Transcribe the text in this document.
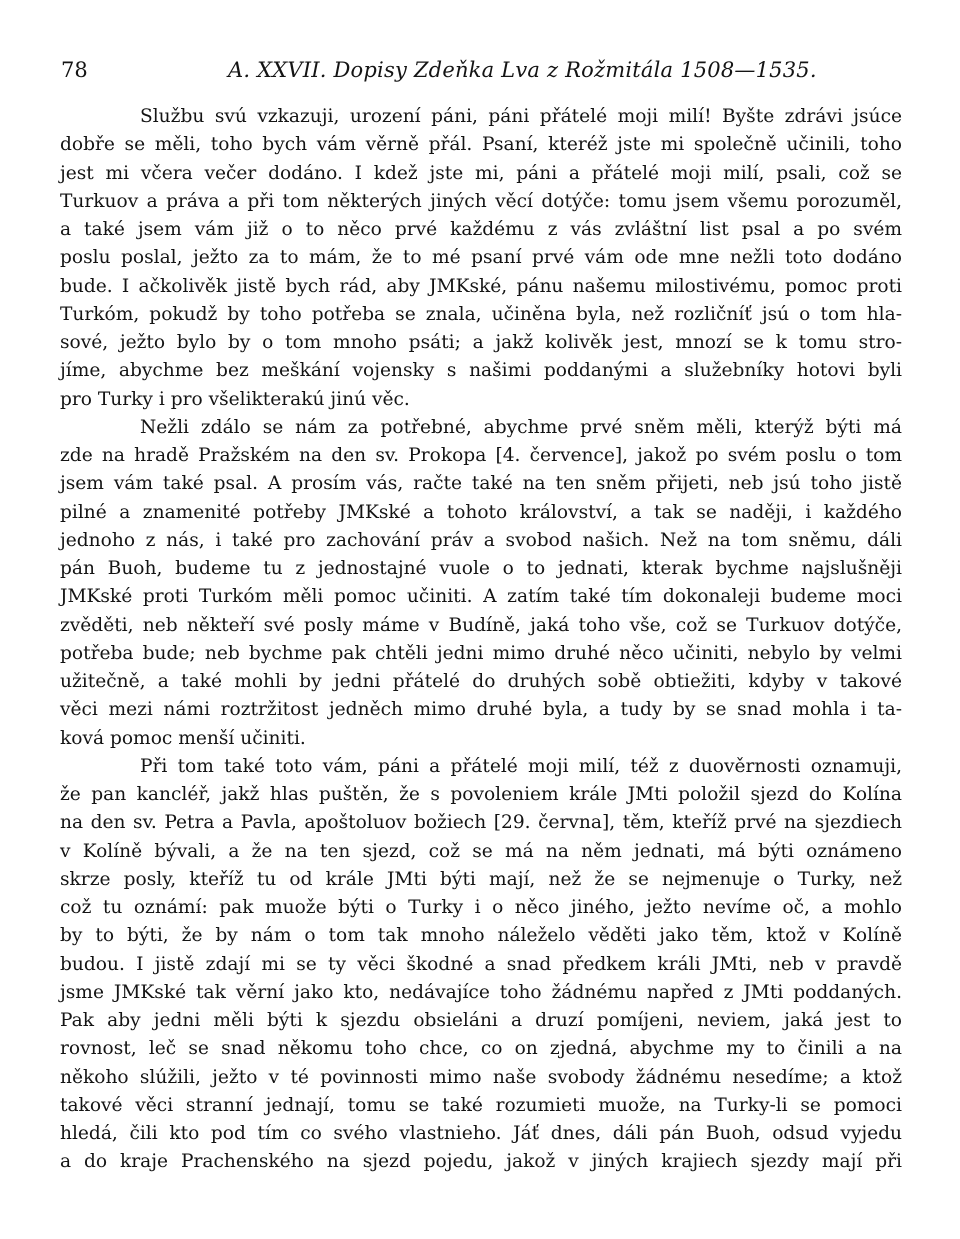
78	A. XXVII. Dopisy Zdeňka Lva z Rožmitála 1508—1535.
Službu svú vzkazuji, urození páni, páni přátelé moji milí! Byšte zdrávi jsúce
dobře se měli, toho bych vám věrně přál. Psaní, kteréž jste mi společně učinili, toho
jest mi včera večer dodáno. I kdež jste mi, páni a přátelé moji milí, psali, což se
Turkuov a práva a při tom některých jiných věcí dotýče: tomu jsem všemu porozuměl,
a také jsem vám již o to něco prvé každému z vás zvláštní list psal a po svém
poslu poslal, ježto za to mám, že to mé psaní prvé vám ode mne nežli toto dodáno
bude. I ačkolivěk jistě bych rád, aby JMKské, pánu našemu milostivému, pomoc proti
Turkóm, pokudž by toho potřeba se znala, učiněna byla, než rozličníť jsú o tom hla-
sové, ježto bylo by o tom mnoho psáti; a jakž kolivěk jest, mnozí se k tomu stro-
jíme, abychme bez meškání vojensky s našimi poddanými a služebníky hotovi byli
pro Turky i pro všelikterakú jinú věc.
Nežli zdálo se nám za potřebné, abychme prvé sněm měli, kterýž býti má
zde na hradě Pražském na den sv. Prokopa [4. července], jakož po svém poslu o tom
jsem vám také psal. A prosím vás, račte také na ten sněm přijeti, neb jsú toho jistě
pilné a znamenité potřeby JMKské a tohoto království, a tak se naději, i každého
jednoho z nás, i také pro zachování práv a svobod našich. Než na tom sněmu, dáli
pán Buoh, budeme tu z jednostajné vuole o to jednati, kterak bychme najslušněji
JMKské proti Turkóm měli pomoc učiniti. A zatím také tím dokonaleji budeme moci
zvěděti, neb někteří své posly máme v Budíně, jaká toho vše, což se Turkuov dotýče,
potřeba bude; neb bychme pak chtěli jedni mimo druhé něco učiniti, nebylo by velmi
užitečně, a také mohli by jedni přátelé do druhých sobě obtiežiti, kdyby v takové
věci mezi námi roztržitost jedněch mimo druhé byla, a tudy by se snad mohla i ta-
ková pomoc menší učiniti.
Při tom také toto vám, páni a přátelé moji milí, též z duověrnosti oznamuji,
že pan kancléř, jakž hlas puštěn, že s povoleniem krále JMti položil sjezd do Kolína
na den sv. Petra a Pavla, apoštoluov božiech [29. června], těm, kteříž prvé na sjezdiech
v Kolíně bývali, a že na ten sjezd, což se má na něm jednati, má býti oznámeno
skrze posly, kteříž tu od krále JMti býti mají, než že se nejmenuje o Turky, než
což tu oznámí: pak muože býti o Turky i o něco jiného, ježto nevíme oč, a mohlo
by to býti, že by nám o tom tak mnoho náleželo věděti jako těm, ktož v Kolíně
budou. I jistě zdají mi se ty věci škodné a snad předkem králi JMti, neb v pravdě
jsme JMKské tak věrní jako kto, nedávajíce toho žádnému napřed z JMti poddaných.
Pak aby jedni měli býti k sjezdu obsieláni a druzí pomíjeni, neviem, jaká jest to
rovnost, leč se snad někomu toho chce, co on zjedná, abychme my to činili a na
někoho slúžili, ježto v té povinnosti mimo naše svobody žádnému nesedíme; a ktož
takové věci stranní jednají, tomu se také rozumieti muože, na Turky-li se pomoci
hledá, čili kto pod tím co svého vlastnieho. Jáť dnes, dáli pán Buoh, odsud vyjedu
a do kraje Prachenského na sjezd pojedu, jakož v jiných krajiech sjezdy mají při
